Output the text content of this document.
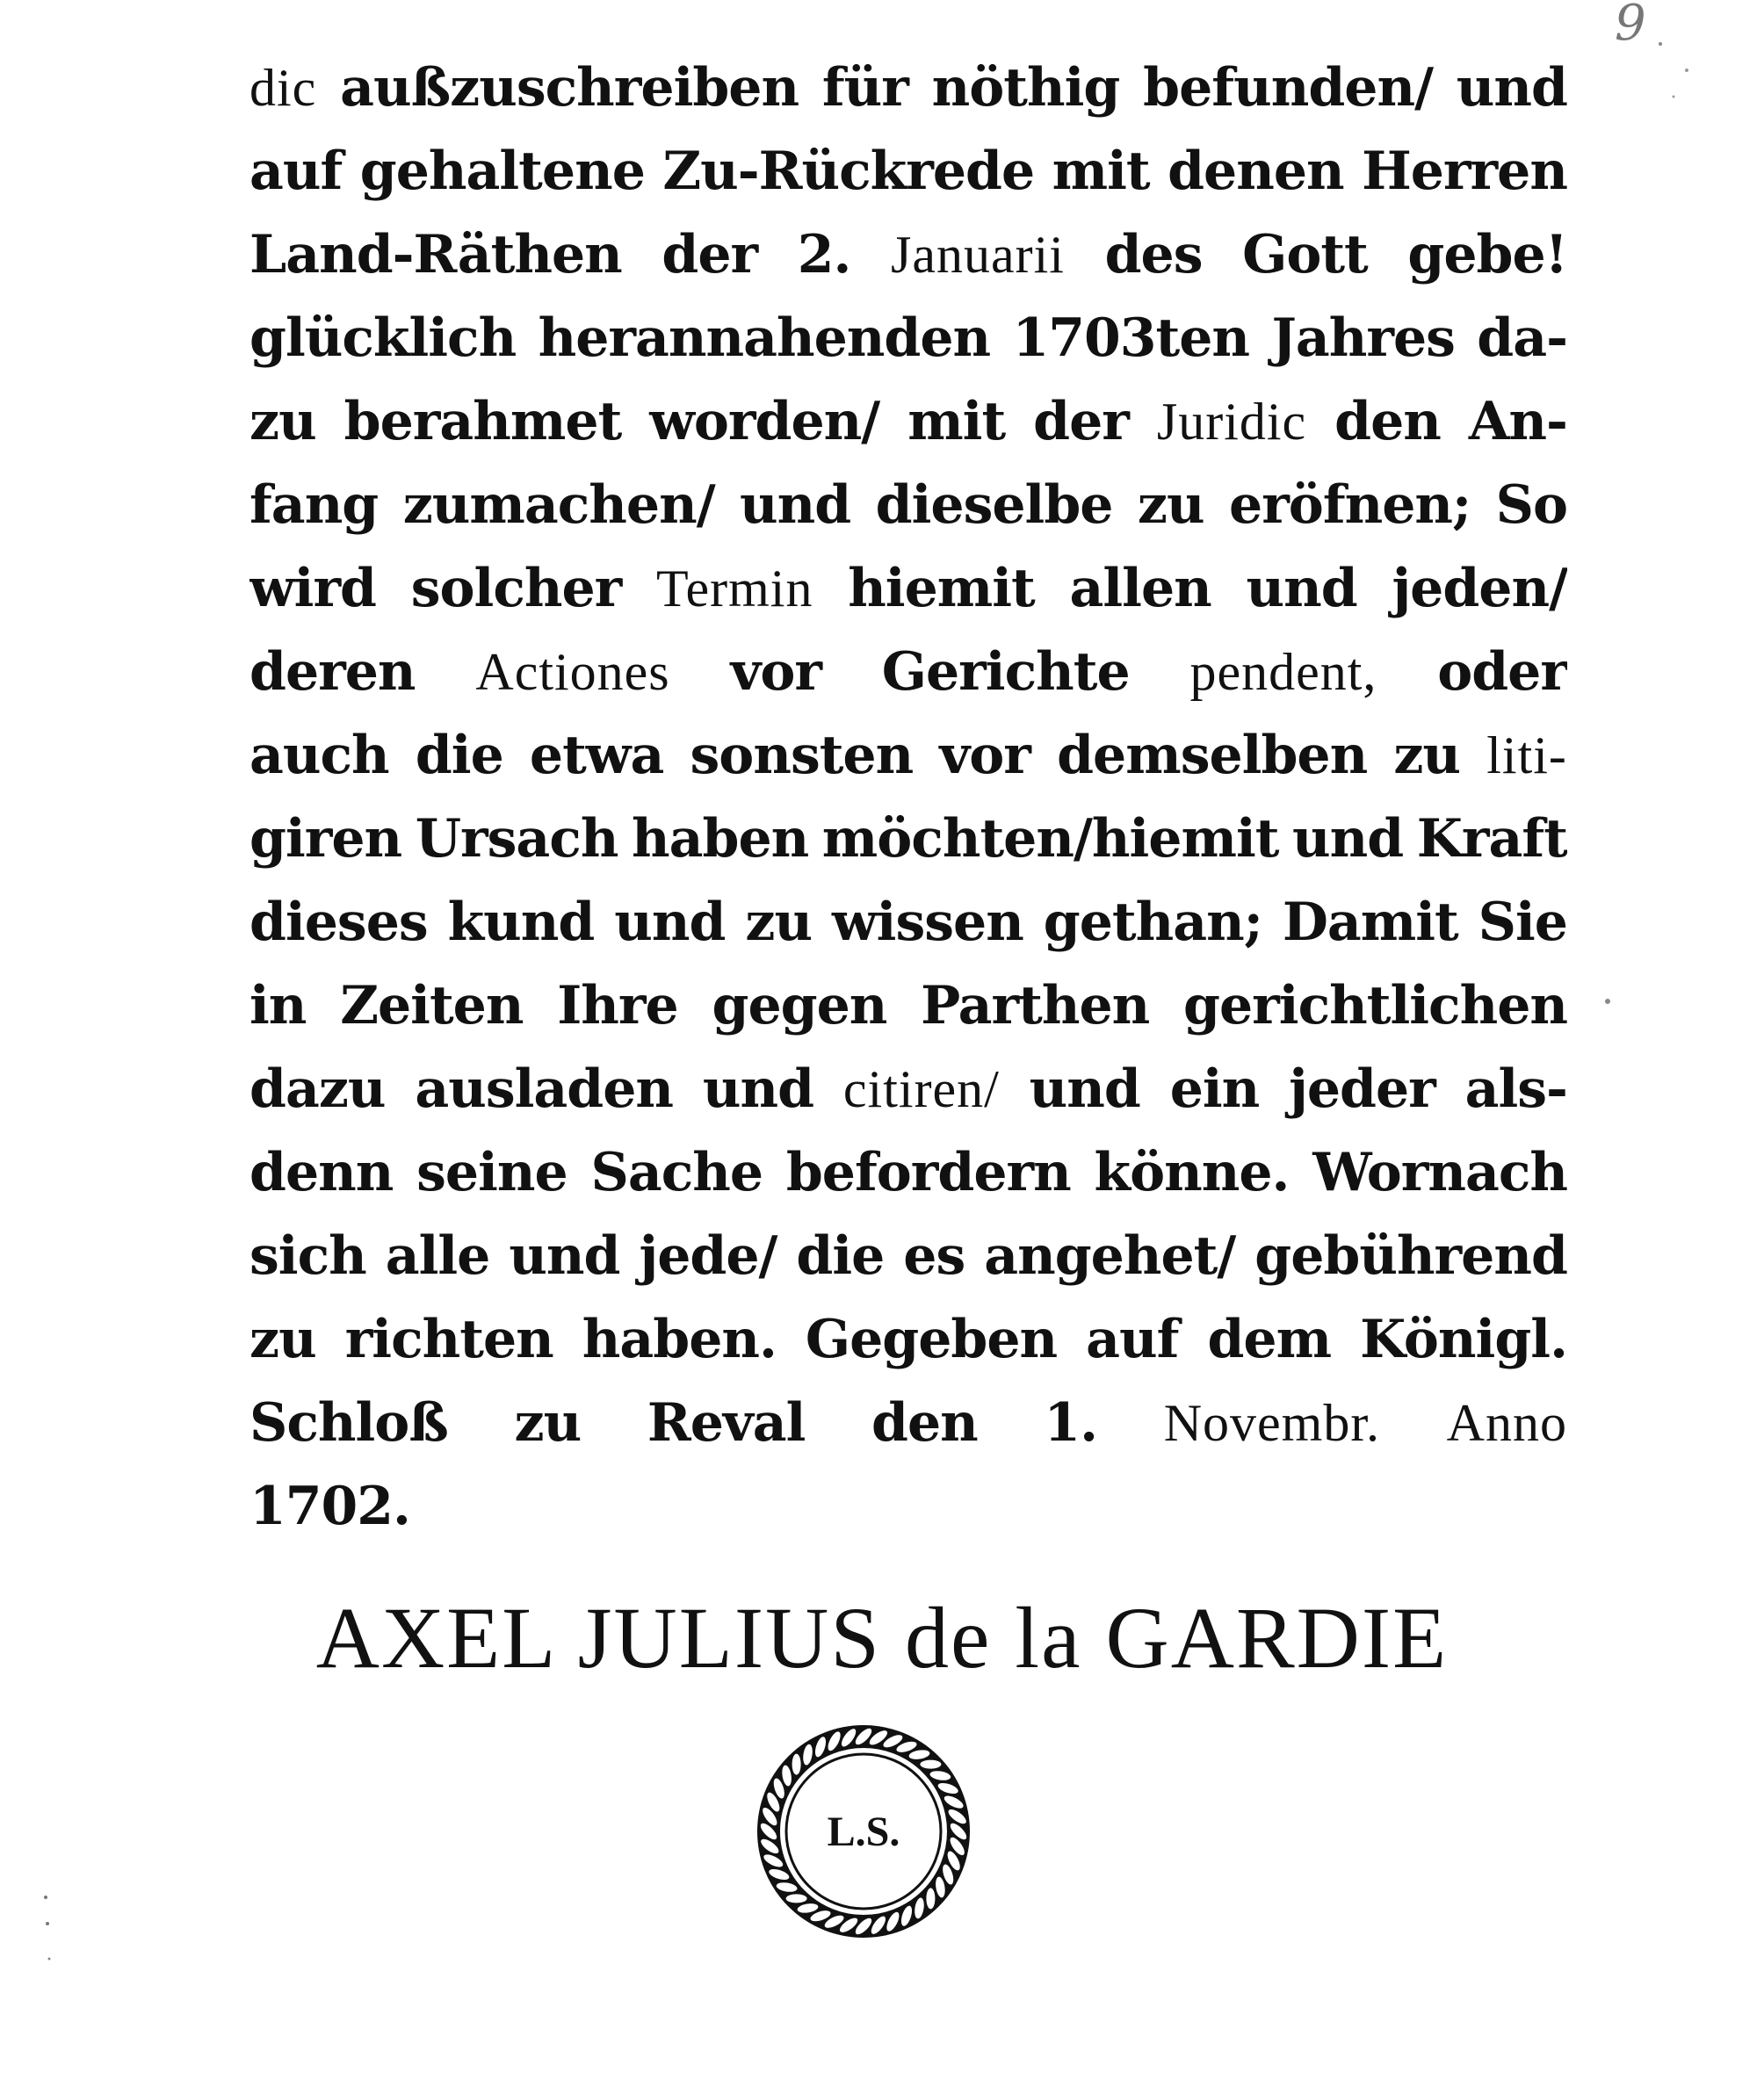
9

dic außzuschreiben für nöthig befunden/ und

auf gehaltene Zu-Rückrede mit denen Herren

Land-Räthen der 2. Januarii des Gott gebe!

glücklich herannahenden 1703ten Jahres da-

zu berahmet worden/ mit der Juridic den An-

fang zumachen/ und dieselbe zu eröfnen; So

wird solcher Termin hiemit allen und jeden/

deren Actiones vor Gerichte pendent, oder

auch die etwa sonsten vor demselben zu liti-

giren Ursach haben möchten/hiemit und Kraft

dieses kund und zu wissen gethan; Damit Sie

in Zeiten Ihre gegen Parthen gerichtlichen

dazu ausladen und citiren/ und ein jeder als-

denn seine Sache befordern könne. Wornach

sich alle und jede/ die es angehet/ gebührend

zu richten haben. Gegeben auf dem Königl.

Schloß zu Reval den 1. Novembr. Anno

1702.

AXEL JULIUS de la GARDIE
L.S.
